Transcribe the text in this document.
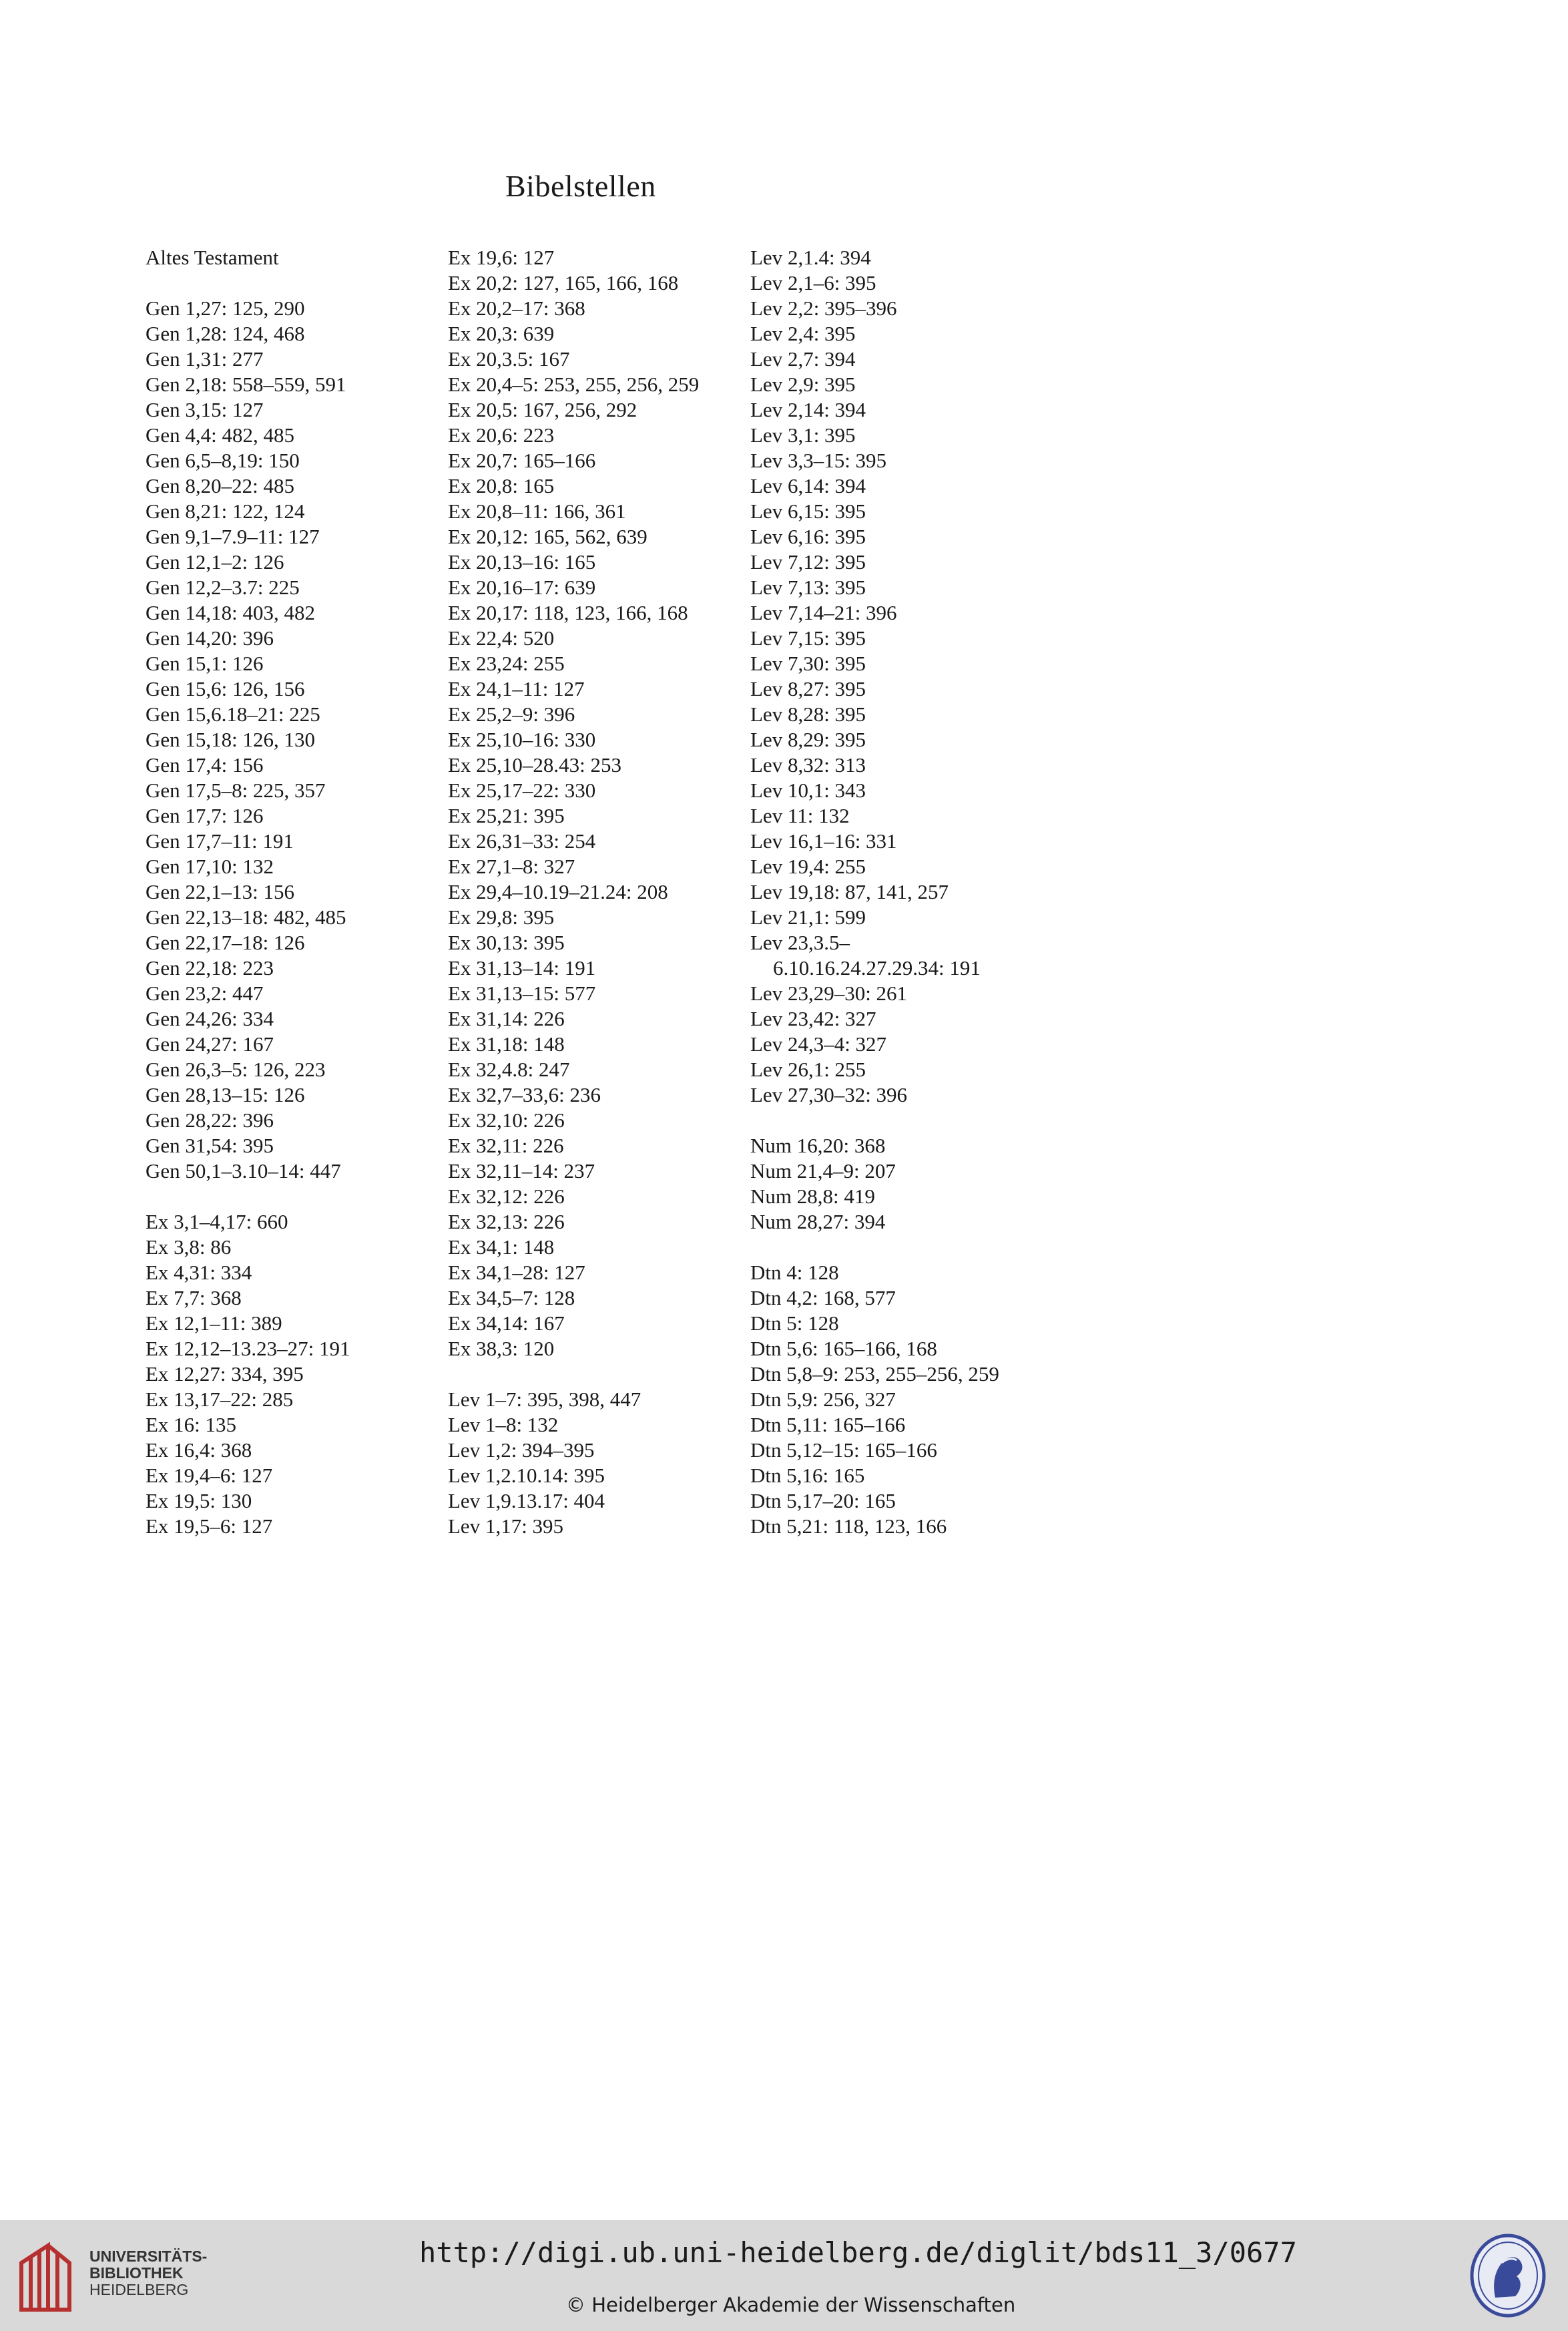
Bibelstellen
Altes Testament
Gen 1,27: 125, 290
Gen 1,28: 124, 468
Gen 1,31: 277
Gen 2,18: 558–559, 591
Gen 3,15: 127
Gen 4,4: 482, 485
Gen 6,5–8,19: 150
Gen 8,20–22: 485
Gen 8,21: 122, 124
Gen 9,1–7.9–11: 127
Gen 12,1–2: 126
Gen 12,2–3.7: 225
Gen 14,18: 403, 482
Gen 14,20: 396
Gen 15,1: 126
Gen 15,6: 126, 156
Gen 15,6.18–21: 225
Gen 15,18: 126, 130
Gen 17,4: 156
Gen 17,5–8: 225, 357
Gen 17,7: 126
Gen 17,7–11: 191
Gen 17,10: 132
Gen 22,1–13: 156
Gen 22,13–18: 482, 485
Gen 22,17–18: 126
Gen 22,18: 223
Gen 23,2: 447
Gen 24,26: 334
Gen 24,27: 167
Gen 26,3–5: 126, 223
Gen 28,13–15: 126
Gen 28,22: 396
Gen 31,54: 395
Gen 50,1–3.10–14: 447
Ex 3,1–4,17: 660
Ex 3,8: 86
Ex 4,31: 334
Ex 7,7: 368
Ex 12,1–11: 389
Ex 12,12–13.23–27: 191
Ex 12,27: 334, 395
Ex 13,17–22: 285
Ex 16: 135
Ex 16,4: 368
Ex 19,4–6: 127
Ex 19,5: 130
Ex 19,5–6: 127
Ex 19,6: 127
Ex 20,2: 127, 165, 166, 168
Ex 20,2–17: 368
Ex 20,3: 639
Ex 20,3.5: 167
Ex 20,4–5: 253, 255, 256, 259
Ex 20,5: 167, 256, 292
Ex 20,6: 223
Ex 20,7: 165–166
Ex 20,8: 165
Ex 20,8–11: 166, 361
Ex 20,12: 165, 562, 639
Ex 20,13–16: 165
Ex 20,16–17: 639
Ex 20,17: 118, 123, 166, 168
Ex 22,4: 520
Ex 23,24: 255
Ex 24,1–11: 127
Ex 25,2–9: 396
Ex 25,10–16: 330
Ex 25,10–28.43: 253
Ex 25,17–22: 330
Ex 25,21: 395
Ex 26,31–33: 254
Ex 27,1–8: 327
Ex 29,4–10.19–21.24: 208
Ex 29,8: 395
Ex 30,13: 395
Ex 31,13–14: 191
Ex 31,13–15: 577
Ex 31,14: 226
Ex 31,18: 148
Ex 32,4.8: 247
Ex 32,7–33,6: 236
Ex 32,10: 226
Ex 32,11: 226
Ex 32,11–14: 237
Ex 32,12: 226
Ex 32,13: 226
Ex 34,1: 148
Ex 34,1–28: 127
Ex 34,5–7: 128
Ex 34,14: 167
Ex 38,3: 120
Lev 1–7: 395, 398, 447
Lev 1–8: 132
Lev 1,2: 394–395
Lev 1,2.10.14: 395
Lev 1,9.13.17: 404
Lev 1,17: 395
Lev 2,1.4: 394
Lev 2,1–6: 395
Lev 2,2: 395–396
Lev 2,4: 395
Lev 2,7: 394
Lev 2,9: 395
Lev 2,14: 394
Lev 3,1: 395
Lev 3,3–15: 395
Lev 6,14: 394
Lev 6,15: 395
Lev 6,16: 395
Lev 7,12: 395
Lev 7,13: 395
Lev 7,14–21: 396
Lev 7,15: 395
Lev 7,30: 395
Lev 8,27: 395
Lev 8,28: 395
Lev 8,29: 395
Lev 8,32: 313
Lev 10,1: 343
Lev 11: 132
Lev 16,1–16: 331
Lev 19,4: 255
Lev 19,18: 87, 141, 257
Lev 21,1: 599
Lev 23,3.5–
6.10.16.24.27.29.34: 191
Lev 23,29–30: 261
Lev 23,42: 327
Lev 24,3–4: 327
Lev 26,1: 255
Lev 27,30–32: 396
Num 16,20: 368
Num 21,4–9: 207
Num 28,8: 419
Num 28,27: 394
Dtn 4: 128
Dtn 4,2: 168, 577
Dtn 5: 128
Dtn 5,6: 165–166, 168
Dtn 5,8–9: 253, 255–256, 259
Dtn 5,9: 256, 327
Dtn 5,11: 165–166
Dtn 5,12–15: 165–166
Dtn 5,16: 165
Dtn 5,17–20: 165
Dtn 5,21: 118, 123, 166
UNIVERSITÄTS-
BIBLIOTHEK
HEIDELBERG
http://digi.ub.uni-heidelberg.de/diglit/bds11_3/0677
© Heidelberger Akademie der Wissenschaften
